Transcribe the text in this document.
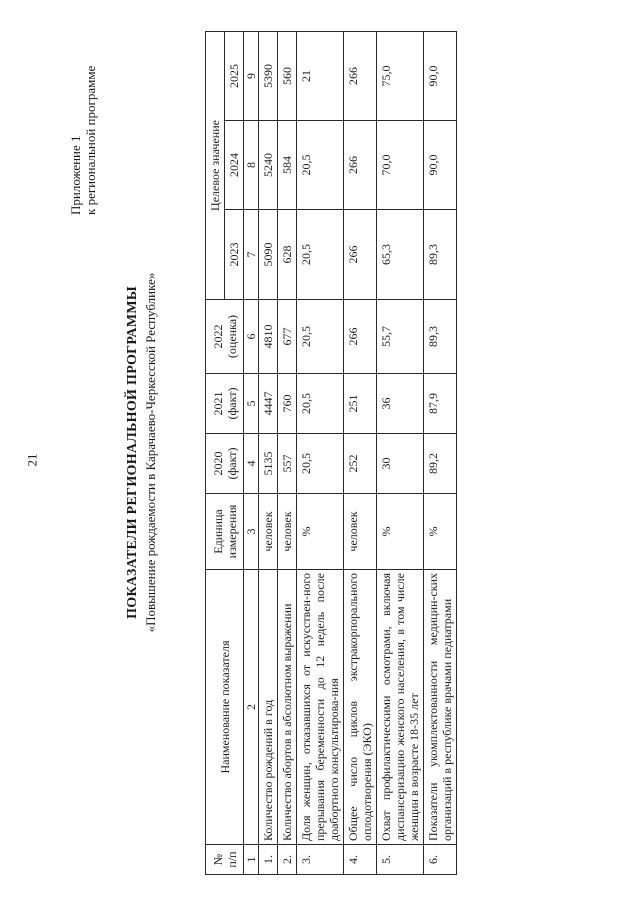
21
Приложение 1 к региональной программе
ПОКАЗАТЕЛИ РЕГИОНАЛЬНОЙ ПРОГРАММЫ «Повышение рождаемости в Карачаево-Черкесской Республике»
№ п/п	Наименование показателя	Единица измерения	2020 (факт)	2021 (факт)	2022 (оценка)	Целевое значение		
						2023	2024	2025
1	2	3	4	5	6	7	8	9
1.	Количество рождений в год	человек	5135	4447	4810	5090	5240	5390
2.	Количество абортов в абсолютном выражении	человек	557	760	677	628	584	560
3.	Доля женщин, отказавшихся от искусствен-ного прерывания беременности до 12 недель после доабортного консультирова-ния	%	20,5	20,5	20,5	20,5	20,5	21
4.	Общее число циклов экстракорпорального оплодотворения (ЭКО)	человек	252	251	266	266	266	266
5.	Охват профилактическими осмотрами, включая диспансеризацию женского населения, в том числе женщин в возрасте 18-35 лет	%	30	36	55,7	65,3	70,0	75,0
6.	Показатели укомплектованности медицин-ских организаций в республике врачами педиатрами	%	89,2	87,9	89,3	89,3	90,0	90,0
